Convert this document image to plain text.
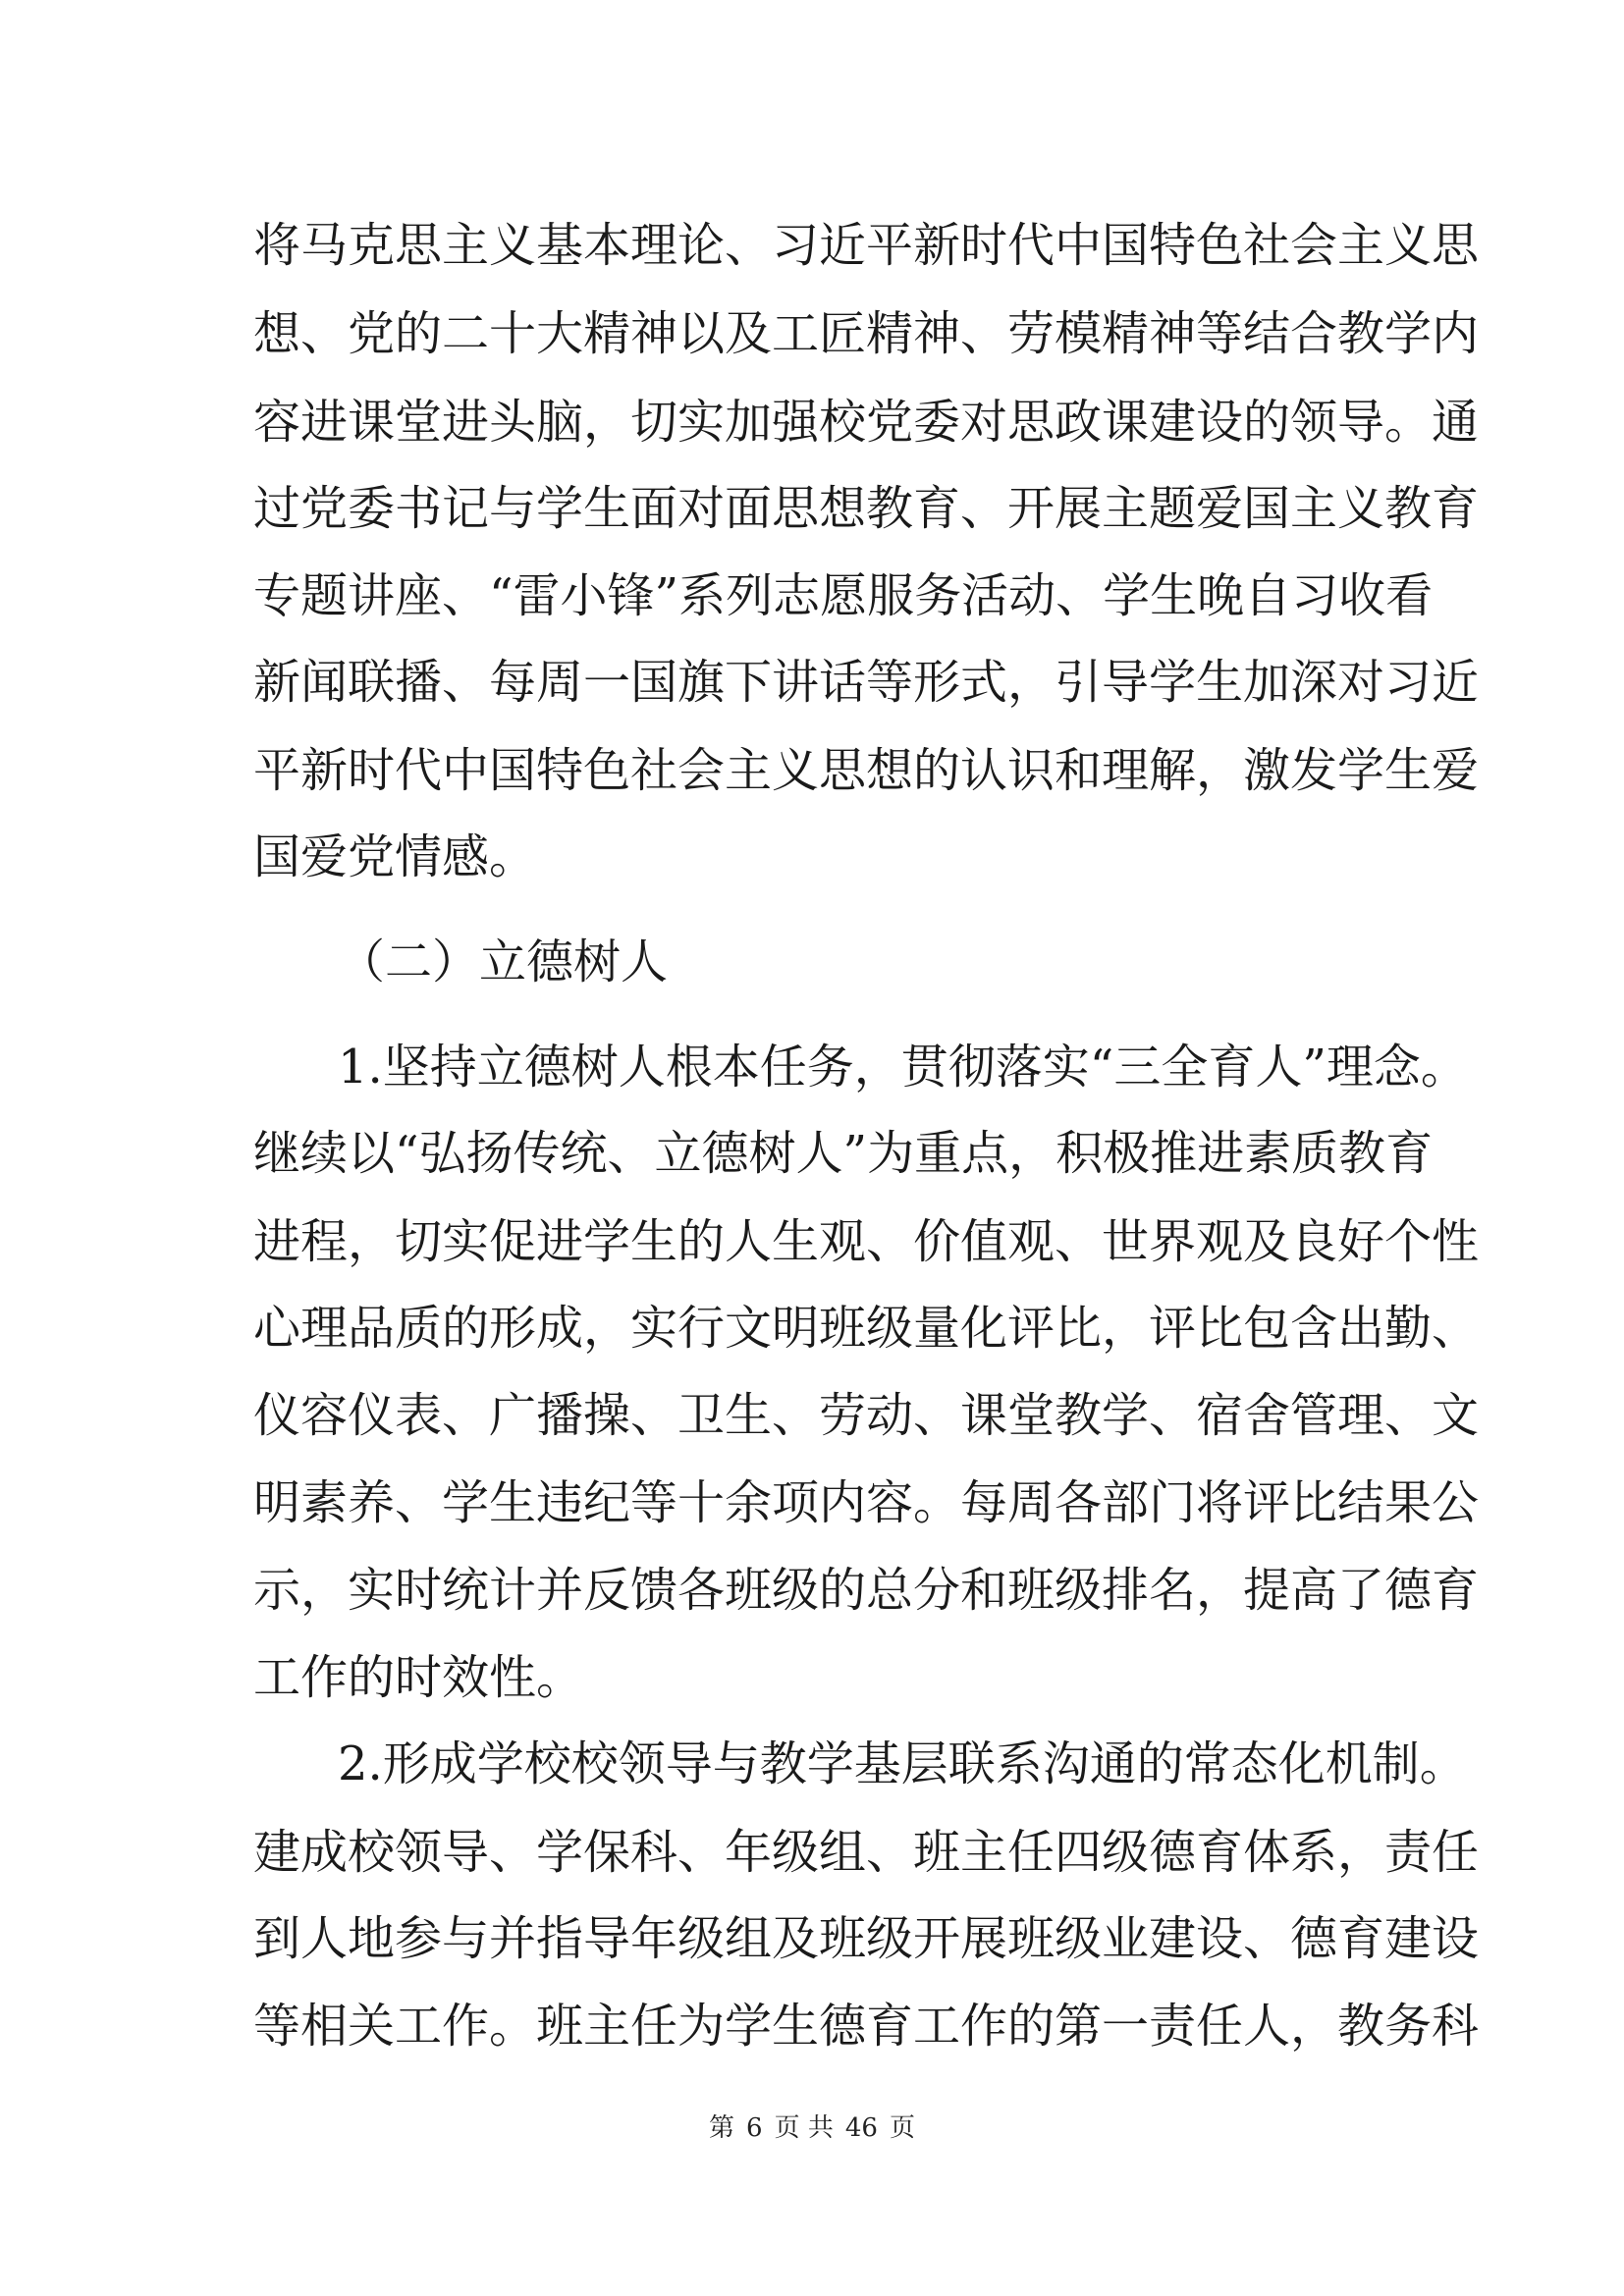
将马克思主义基本理论、习近平新时代中国特色社会主义思
想、党的二十大精神以及工匠精神、劳模精神等结合教学内
容进课堂进头脑，切实加强校党委对思政课建设的领导。通
过党委书记与学生面对面思想教育、开展主题爱国主义教育
专题讲座、“雷小锋”系列志愿服务活动、学生晚自习收看
新闻联播、每周一国旗下讲话等形式，引导学生加深对习近
平新时代中国特色社会主义思想的认识和理解，激发学生爱
国爱党情感。
（二）立德树人
1.坚持立德树人根本任务，贯彻落实“三全育人”理念。
继续以“弘扬传统、立德树人”为重点，积极推进素质教育
进程，切实促进学生的人生观、价值观、世界观及良好个性
心理品质的形成，实行文明班级量化评比，评比包含出勤、
仪容仪表、广播操、卫生、劳动、课堂教学、宿舍管理、文
明素养、学生违纪等十余项内容。每周各部门将评比结果公
示，实时统计并反馈各班级的总分和班级排名，提高了德育
工作的时效性。
2.形成学校校领导与教学基层联系沟通的常态化机制。
建成校领导、学保科、年级组、班主任四级德育体系，责任
到人地参与并指导年级组及班级开展班级业建设、德育建设
等相关工作。班主任为学生德育工作的第一责任人，教务科
第 6 页 共 46 页
